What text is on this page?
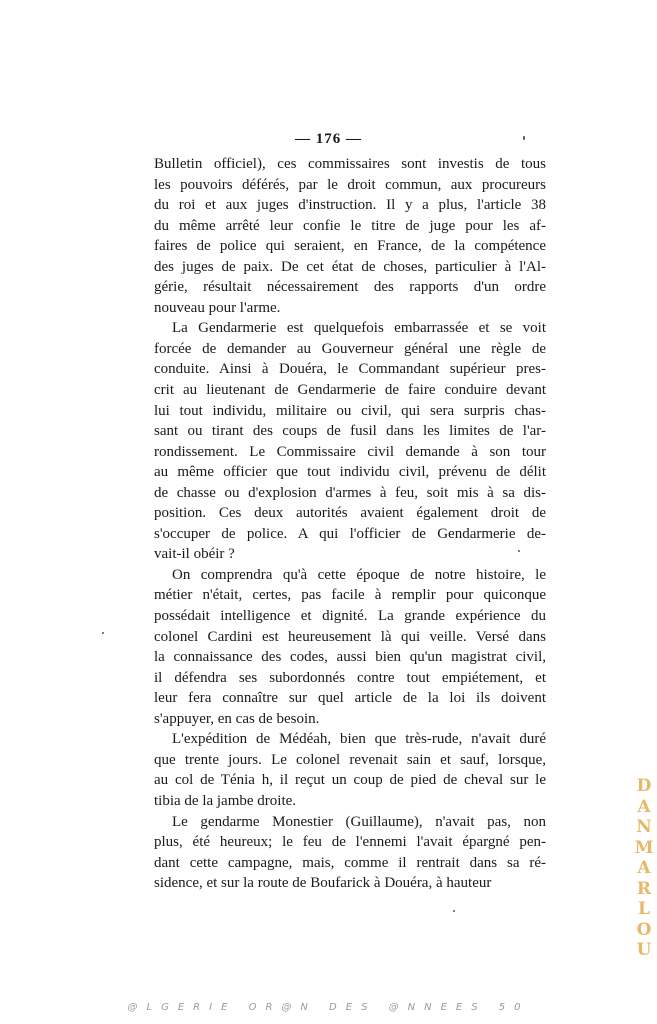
— 176 —
Bulletin officiel), ces commissaires sont investis de tous
les pouvoirs déférés, par le droit commun, aux procureurs
du roi et aux juges d'instruction. Il y a plus, l'article 38
du même arrêté leur confie le titre de juge pour les af-
faires de police qui seraient, en France, de la compétence
des juges de paix. De cet état de choses, particulier à l'Al-
gérie, résultait nécessairement des rapports d'un ordre
nouveau pour l'arme.
La Gendarmerie est quelquefois embarrassée et se voit
forcée de demander au Gouverneur général une règle de
conduite. Ainsi à Douéra, le Commandant supérieur pres-
crit au lieutenant de Gendarmerie de faire conduire devant
lui tout individu, militaire ou civil, qui sera surpris chas-
sant ou tirant des coups de fusil dans les limites de l'ar-
rondissement. Le Commissaire civil demande à son tour
au même officier que tout individu civil, prévenu de délit
de chasse ou d'explosion d'armes à feu, soit mis à sa dis-
position. Ces deux autorités avaient également droit de
s'occuper de police. A qui l'officier de Gendarmerie de-
vait-il obéir ?
On comprendra qu'à cette époque de notre histoire, le
métier n'était, certes, pas facile à remplir pour quiconque
possédait intelligence et dignité. La grande expérience du
colonel Cardini est heureusement là qui veille. Versé dans
la connaissance des codes, aussi bien qu'un magistrat civil,
il défendra ses subordonnés contre tout empiétement, et
leur fera connaître sur quel article de la loi ils doivent
s'appuyer, en cas de besoin.
L'expédition de Médéah, bien que très-rude, n'avait duré
que trente jours. Le colonel revenait sain et sauf, lorsque,
au col de Ténia h, il reçut un coup de pied de cheval sur le
tibia de la jambe droite.
Le gendarme Monestier (Guillaume), n'avait pas, non
plus, été heureux; le feu de l'ennemi l'avait épargné pen-
dant cette campagne, mais, comme il rentrait dans sa ré-
sidence, et sur la route de Boufarick à Douéra, à hauteur
D
A
N
M
A
R
L
O
U
@LGERIE OR@N DES @NNEES 50
